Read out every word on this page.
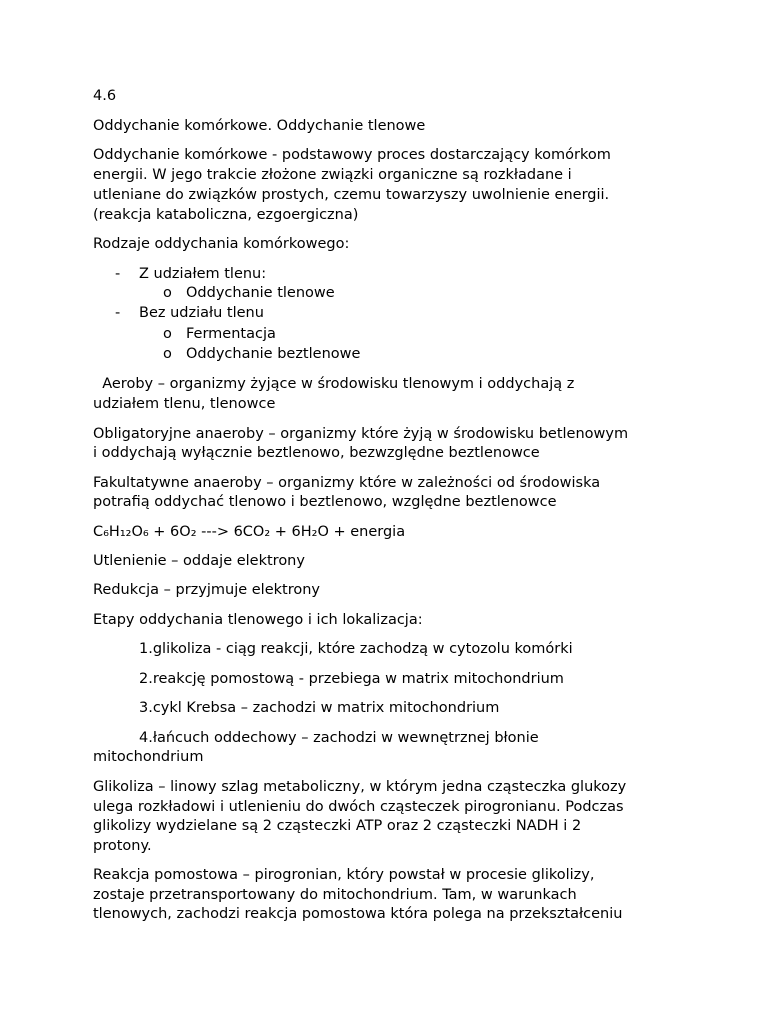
4.6
Oddychanie komórkowe. Oddychanie tlenowe
Oddychanie komórkowe - podstawowy proces dostarczający komórkom
energii. W jego trakcie złożone związki organiczne są rozkładane i
utleniane do związków prostych, czemu towarzyszy uwolnienie energii.
(reakcja kataboliczna, ezgoergiczna)
Rodzaje oddychania komórkowego:
- Z udziałem tlenu:
o Oddychanie tlenowe
- Bez udziału tlenu
o Fermentacja
o Oddychanie beztlenowe
Aeroby – organizmy żyjące w środowisku tlenowym i oddychają z
udziałem tlenu, tlenowce
Obligatoryjne anaeroby – organizmy które żyją w środowisku betlenowym
i oddychają wyłącznie beztlenowo, bezwzględne beztlenowce
Fakultatywne anaeroby – organizmy które w zależności od środowiska
potrafią oddychać tlenowo i beztlenowo, względne beztlenowce
C₆H₁₂O₆ + 6O₂ ---> 6CO₂ + 6H₂O + energia
Utlenienie – oddaje elektrony
Redukcja – przyjmuje elektrony
Etapy oddychania tlenowego i ich lokalizacja:
1.glikoliza - ciąg reakcji, które zachodzą w cytozolu komórki
2.reakcję pomostową - przebiega w matrix mitochondrium
3.cykl Krebsa – zachodzi w matrix mitochondrium
4.łańcuch oddechowy – zachodzi w wewnętrznej błonie
mitochondrium
Glikoliza – linowy szlag metaboliczny, w którym jedna cząsteczka glukozy
ulega rozkładowi i utlenieniu do dwóch cząsteczek pirogronianu. Podczas
glikolizy wydzielane są 2 cząsteczki ATP oraz 2 cząsteczki NADH i 2
protony.
Reakcja pomostowa – pirogronian, który powstał w procesie glikolizy,
zostaje przetransportowany do mitochondrium. Tam, w warunkach
tlenowych, zachodzi reakcja pomostowa która polega na przekształceniu
